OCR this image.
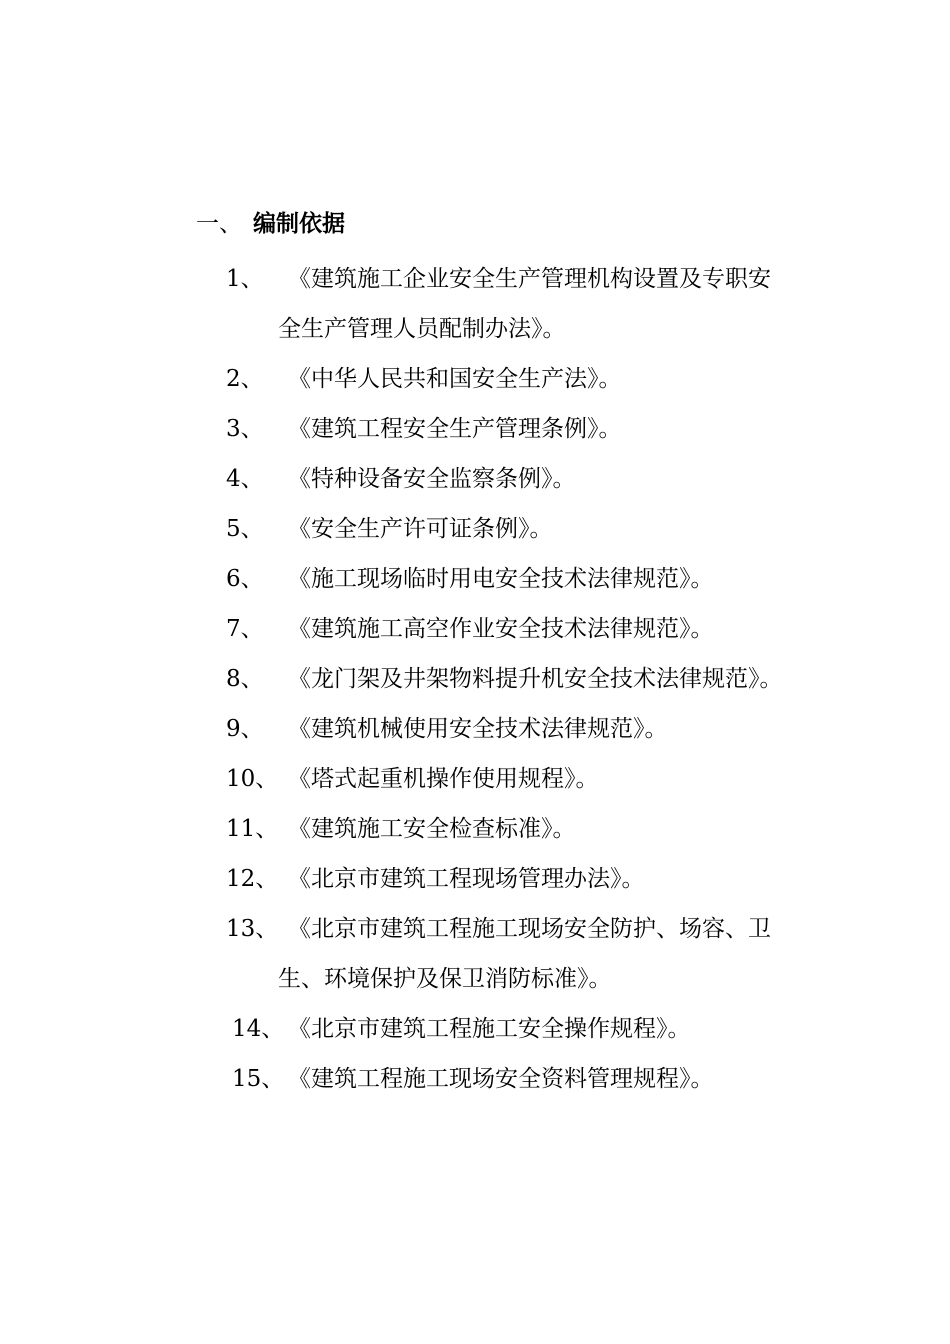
一、 编制依据
1、	《建筑施工企业安全生产管理机构设置及专职安
全生产管理人员配制办法》。

2、	《中华人民共和国安全生产法》。

3、	《建筑工程安全生产管理条例》。

4、	《特种设备安全监察条例》。

5、	《安全生产许可证条例》。

6、	《施工现场临时用电安全技术法律规范》。

7、	《建筑施工高空作业安全技术法律规范》。

8、	《龙门架及井架物料提升机安全技术法律规范》。

9、	《建筑机械使用安全技术法律规范》。

10、 《塔式起重机操作使用规程》。

11、 《建筑施工安全检查标准》。

12、 《北京市建筑工程现场管理办法》。

13、 《北京市建筑工程施工现场安全防护、场容、卫
生、环境保护及保卫消防标准》。

14、 《北京市建筑工程施工安全操作规程》。

15、 《建筑工程施工现场安全资料管理规程》。
